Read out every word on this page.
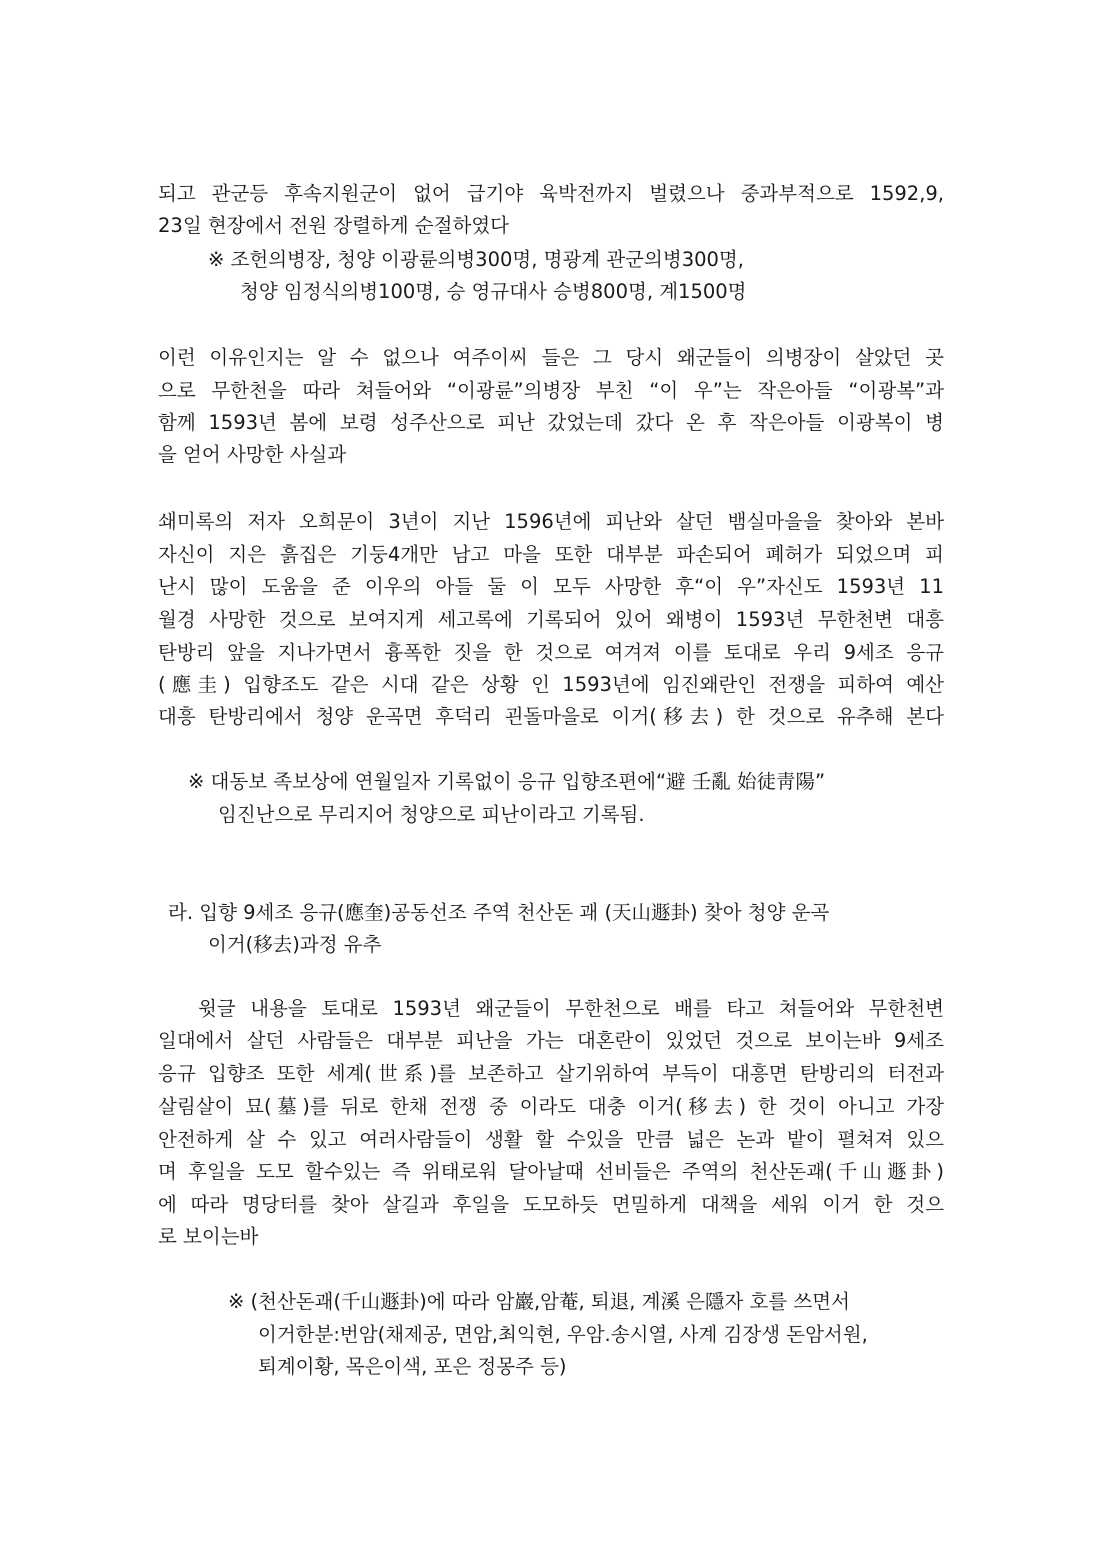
되고 관군등 후속지원군이 없어 급기야 육박전까지 벌렸으나 중과부적으로 1592,9,
23일 현장에서 전원 장렬하게 순절하였다
※ 조헌의병장, 청양 이광륜의병300명, 명광계 관군의병300명,
청양 임정식의병100명, 승 영규대사 승병800명, 계1500명
이런 이유인지는 알 수 없으나 여주이씨 들은 그 당시 왜군들이 의병장이 살았던 곳
으로 무한천을 따라 쳐들어와 “이광륜”의병장 부친 “이 우”는 작은아들 “이광복”과
함께 1593년 봄에 보령 성주산으로 피난 갔었는데 갔다 온 후 작은아들 이광복이 병
을 얻어 사망한 사실과
쇄미록의 저자 오희문이 3년이 지난 1596년에 피난와 살던 뱀실마을을 찾아와 본바
자신이 지은 흙집은 기둥4개만 남고 마을 또한 대부분 파손되어 폐허가 되었으며 피
난시 많이 도움을 준 이우의 아들 둘 이 모두 사망한 후“이 우”자신도 1593년 11
월경 사망한 것으로 보여지게 세고록에 기록되어 있어 왜병이 1593년 무한천변 대흥
탄방리 앞을 지나가면서 흉폭한 짓을 한 것으로 여겨져 이를 토대로 우리 9세조 응규
(應圭) 입향조도 같은 시대 같은 상황 인 1593년에 임진왜란인 전쟁을 피하여 예산
대흥 탄방리에서 청양 운곡면 후덕리 괸돌마을로 이거(移去) 한 것으로 유추해 본다
※ 대동보 족보상에 연월일자 기록없이 응규 입향조편에“避 壬亂 始徒靑陽”
임진난으로 무리지어 청양으로 피난이라고 기록됨.
라. 입향 9세조 응규(應奎)공동선조 주역 천산돈 괘 (天山遯卦) 찾아 청양 운곡
이거(移去)과정 유추
윗글 내용을 토대로 1593년 왜군들이 무한천으로 배를 타고 쳐들어와 무한천변
일대에서 살던 사람들은 대부분 피난을 가는 대혼란이 있었던 것으로 보이는바 9세조
응규 입향조 또한 세계(世系)를 보존하고 살기위하여 부득이 대흥면 탄방리의 터전과
살림살이 묘(墓)를 뒤로 한채 전쟁 중 이라도 대충 이거(移去) 한 것이 아니고 가장
안전하게 살 수 있고 여러사람들이 생활 할 수있을 만큼 넓은 논과 밭이 펼쳐져 있으
며 후일을 도모 할수있는 즉 위태로워 달아날때 선비들은 주역의 천산돈괘(千山遯卦)
에 따라 명당터를 찾아 살길과 후일을 도모하듯 면밀하게 대책을 세워 이거 한 것으
로 보이는바
※ (천산돈괘(千山遯卦)에 따라 암巖,암菴, 퇴退, 계溪 은隱자 호를 쓰면서
이거한분:번암(채제공, 면암,최익현, 우암.송시열, 사계 김장생 돈암서원,
퇴계이황, 목은이색, 포은 정몽주 등)
